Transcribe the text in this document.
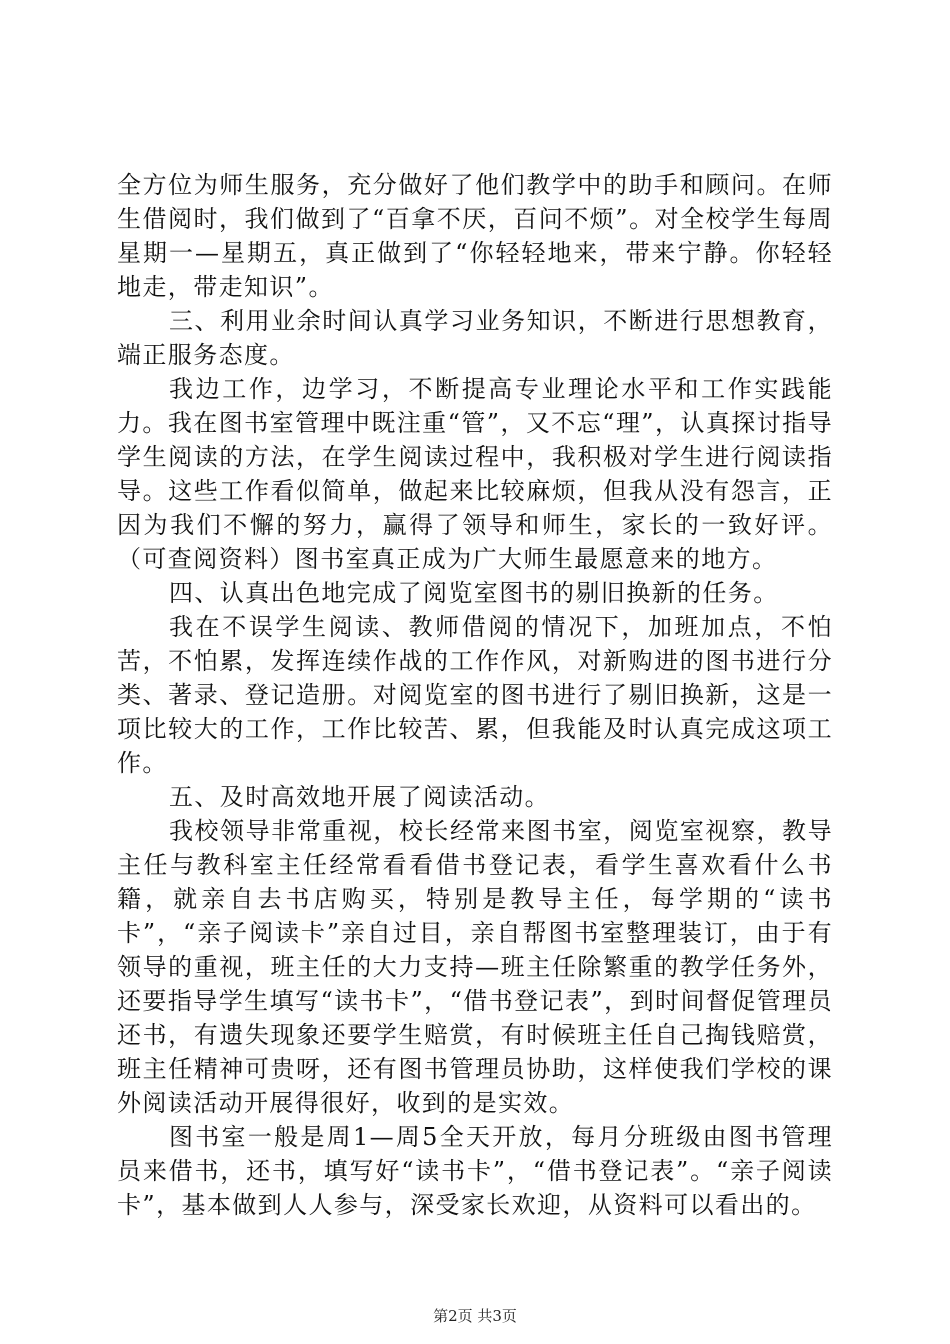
全方位为师生服务，充分做好了他们教学中的助手和顾问。在师生借阅时，我们做到了“百拿不厌，百问不烦”。对全校学生每周星期一—星期五，真正做到了“你轻轻地来，带来宁静。你轻轻地走，带走知识”。

三、利用业余时间认真学习业务知识，不断进行思想教育，端正服务态度。

我边工作，边学习，不断提高专业理论水平和工作实践能力。我在图书室管理中既注重“管”，又不忘“理”，认真探讨指导学生阅读的方法，在学生阅读过程中，我积极对学生进行阅读指导。这些工作看似简单，做起来比较麻烦，但我从没有怨言，正因为我们不懈的努力，赢得了领导和师生，家长的一致好评。（可查阅资料）图书室真正成为广大师生最愿意来的地方。

四、认真出色地完成了阅览室图书的剔旧换新的任务。

我在不误学生阅读、教师借阅的情况下，加班加点，不怕苦，不怕累，发挥连续作战的工作作风，对新购进的图书进行分类、著录、登记造册。对阅览室的图书进行了剔旧换新，这是一项比较大的工作，工作比较苦、累，但我能及时认真完成这项工作。

五、及时高效地开展了阅读活动。

我校领导非常重视，校长经常来图书室，阅览室视察，教导主任与教科室主任经常看看借书登记表，看学生喜欢看什么书籍，就亲自去书店购买，特别是教导主任，每学期的“读书卡”，“亲子阅读卡”亲自过目，亲自帮图书室整理装订，由于有领导的重视，班主任的大力支持—班主任除繁重的教学任务外，还要指导学生填写“读书卡”，“借书登记表”，到时间督促管理员还书，有遗失现象还要学生赔赏，有时候班主任自己掏钱赔赏，班主任精神可贵呀，还有图书管理员协助，这样使我们学校的课外阅读活动开展得很好，收到的是实效。

图书室一般是周1—周5全天开放，每月分班级由图书管理员来借书，还书，填写好“读书卡”，“借书登记表”。“亲子阅读卡”，基本做到人人参与，深受家长欢迎，从资料可以看出的。

第2页 共3页
